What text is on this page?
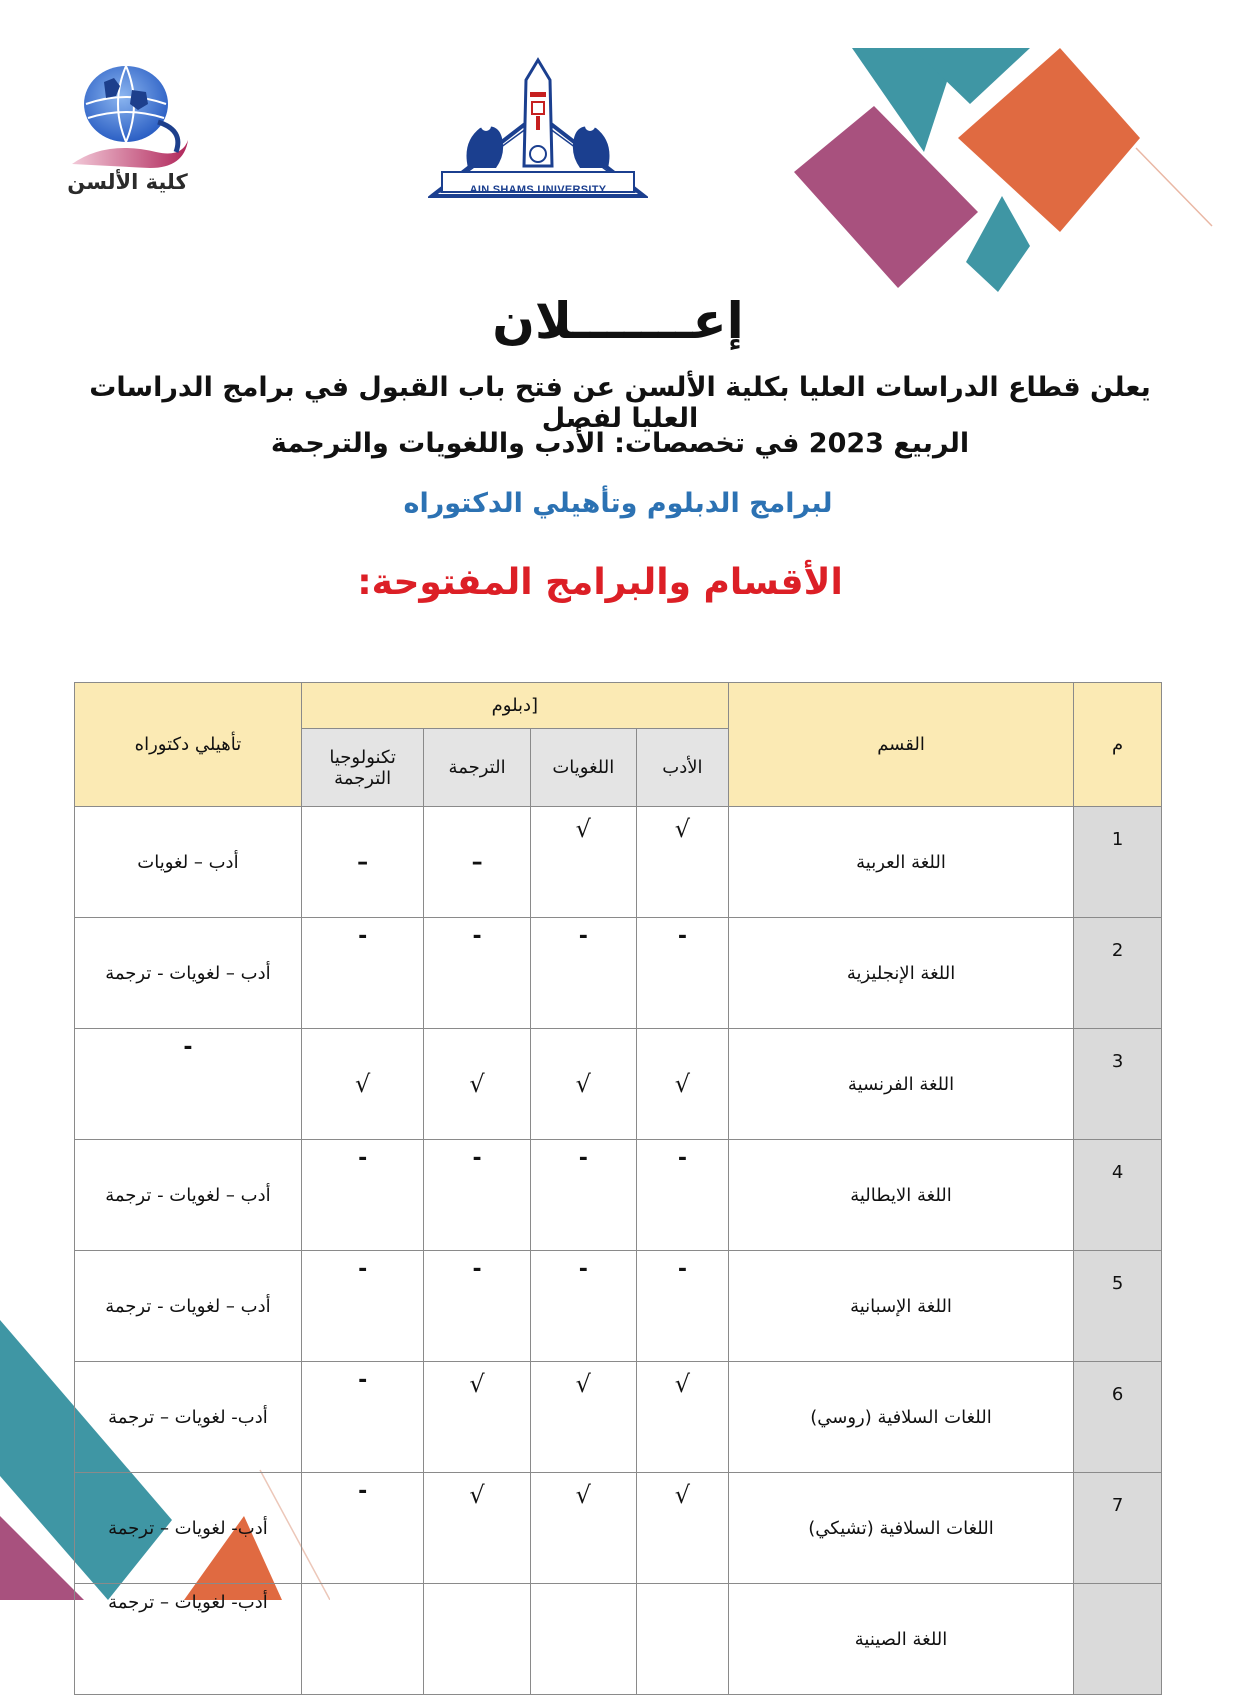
كلية الألسن	AIN SHAMS UNIVERSITY
إعـــــــلان
يعلن قطاع الدراسات العليا بكلية الألسن عن فتح باب القبول في برامج الدراسات العليا لفصل
الربيع 2023 في تخصصات: الأدب واللغويات والترجمة
لبرامج الدبلوم وتأهيلي الدكتوراه
الأقسام والبرامج المفتوحة:
م	القسم	[دبلوم				تأهيلي دكتوراه
		الأدب	اللغويات	الترجمة	تكنولوجيا الترجمة	
1	اللغة العربية	√	√	–	–	أدب – لغويات
2	اللغة الإنجليزية	-	-	-	-	أدب – لغويات - ترجمة
3	اللغة الفرنسية	√	√	√	√	-
4	اللغة الايطالية	-	-	-	-	أدب – لغويات - ترجمة
5	اللغة الإسبانية	-	-	-	-	أدب – لغويات - ترجمة
6	اللغات السلافية (روسي)	√	√	√	-	أدب- لغويات – ترجمة
7	اللغات السلافية (تشيكي)	√	√	√	-	أدب- لغويات – ترجمة
	اللغة الصينية					أدب- لغويات – ترجمة
